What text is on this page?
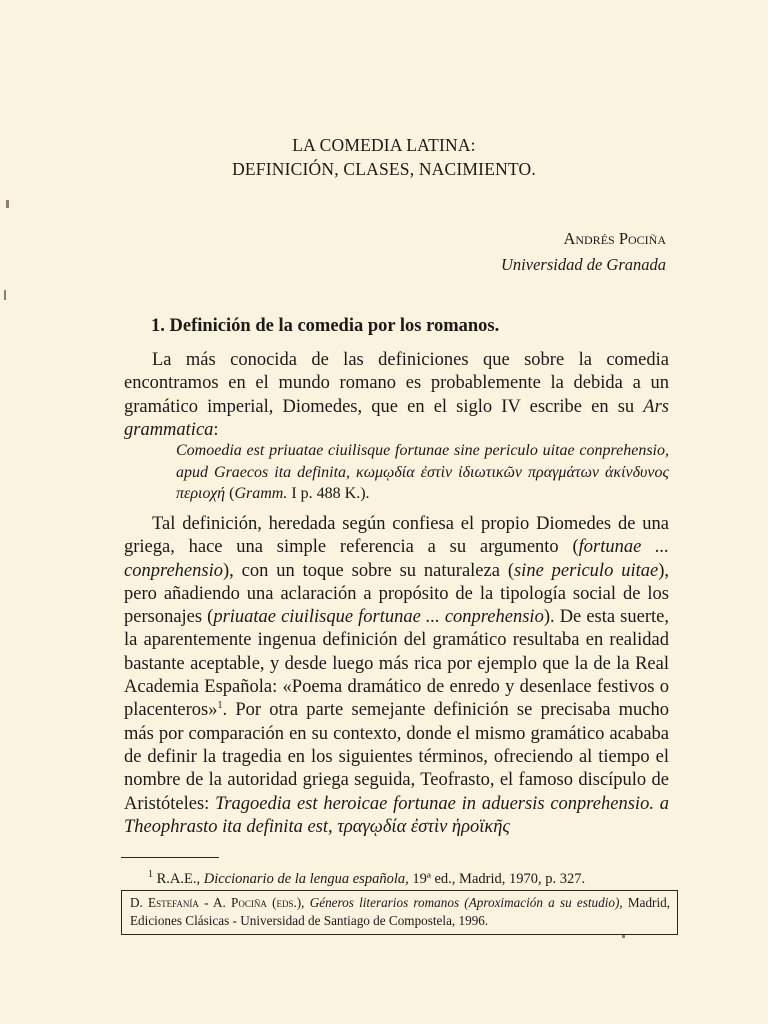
LA COMEDIA LATINA:
DEFINICIÓN, CLASES, NACIMIENTO.
Andrés Pociña
Universidad de Granada
1. Definición de la comedia por los romanos.

La más conocida de las definiciones que sobre la comedia encontramos en el mundo romano es probablemente la debida a un gramático imperial, Diomedes, que en el siglo IV escribe en su Ars grammatica:

Comoedia est priuatae ciuilisque fortunae sine periculo uitae conprehensio, apud Graecos ita definita, κωμῳδία ἐστὶν ἰδιωτικῶν πραγμάτων ἀκίνδυνος περιοχή (Gramm. I p. 488 K.).

Tal definición, heredada según confiesa el propio Diomedes de una griega, hace una simple referencia a su argumento (fortunae ... conprehensio), con un toque sobre su naturaleza (sine periculo uitae), pero añadiendo una aclaración a propósito de la tipología social de los personajes (priuatae ciuilisque fortunae ... conprehensio). De esta suerte, la aparentemente ingenua definición del gramático resultaba en realidad bastante aceptable, y desde luego más rica por ejemplo que la de la Real Academia Española: «Poema dramático de enredo y desenlace festivos o placenteros»$^1$. Por otra parte semejante definición se precisaba mucho más por comparación en su contexto, donde el mismo gramático acababa de definir la tragedia en los siguientes términos, ofreciendo al tiempo el nombre de la autoridad griega seguida, Teofrasto, el famoso discípulo de Aristóteles: Tragoedia est heroicae fortunae in aduersis conprehensio. a Theophrasto ita definita est, τραγῳδία ἐστὶν ἡροϊκῆς

$^1$ R.A.E., Diccionario de la lengua española, 19ª ed., Madrid, 1970, p. 327.
D. Estefanía - A. Pociña (eds.), Géneros literarios romanos (Aproximación a su estudio), Madrid, Ediciones Clásicas - Universidad de Santiago de Compostela, 1996.
